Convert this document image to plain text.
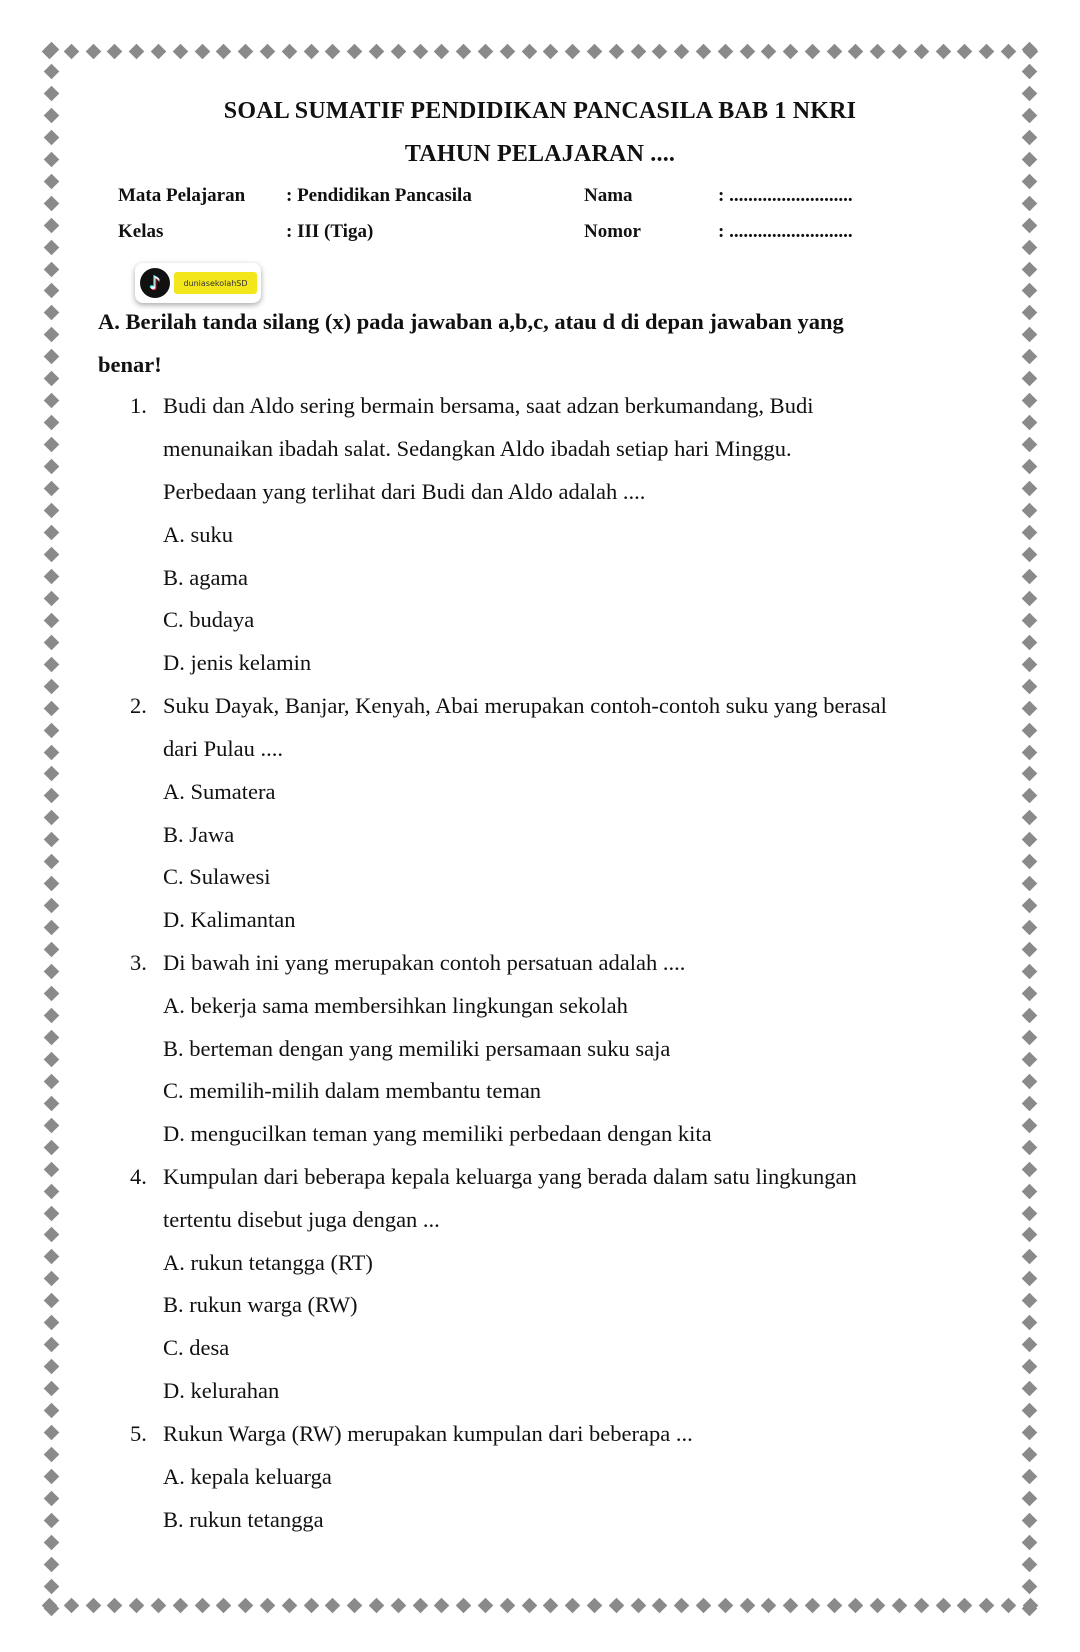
SOAL SUMATIF PENDIDIKAN PANCASILA BAB 1 NKRI
TAHUN PELAJARAN ....
Mata Pelajaran : Pendidikan Pancasila	Nama	: ..........................
Kelas	: III (Tiga)	Nomor	: ..........................
♪	duniasekolahSD
A. Berilah tanda silang (x) pada jawaban a,b,c, atau d di depan jawaban yang
benar!
1. Budi dan Aldo sering bermain bersama, saat adzan berkumandang, Budi
menunaikan ibadah salat. Sedangkan Aldo ibadah setiap hari Minggu.
Perbedaan yang terlihat dari Budi dan Aldo adalah ....
A. suku
B. agama
C. budaya
D. jenis kelamin
2. Suku Dayak, Banjar, Kenyah, Abai merupakan contoh-contoh suku yang berasal
dari Pulau ....
A. Sumatera
B. Jawa
C. Sulawesi
D. Kalimantan
3. Di bawah ini yang merupakan contoh persatuan adalah ....
A. bekerja sama membersihkan lingkungan sekolah
B. berteman dengan yang memiliki persamaan suku saja
C. memilih-milih dalam membantu teman
D. mengucilkan teman yang memiliki perbedaan dengan kita
4. Kumpulan dari beberapa kepala keluarga yang berada dalam satu lingkungan
tertentu disebut juga dengan ...
A. rukun tetangga (RT)
B. rukun warga (RW)
C. desa
D. kelurahan
5. Rukun Warga (RW) merupakan kumpulan dari beberapa ...
A. kepala keluarga
B. rukun tetangga
